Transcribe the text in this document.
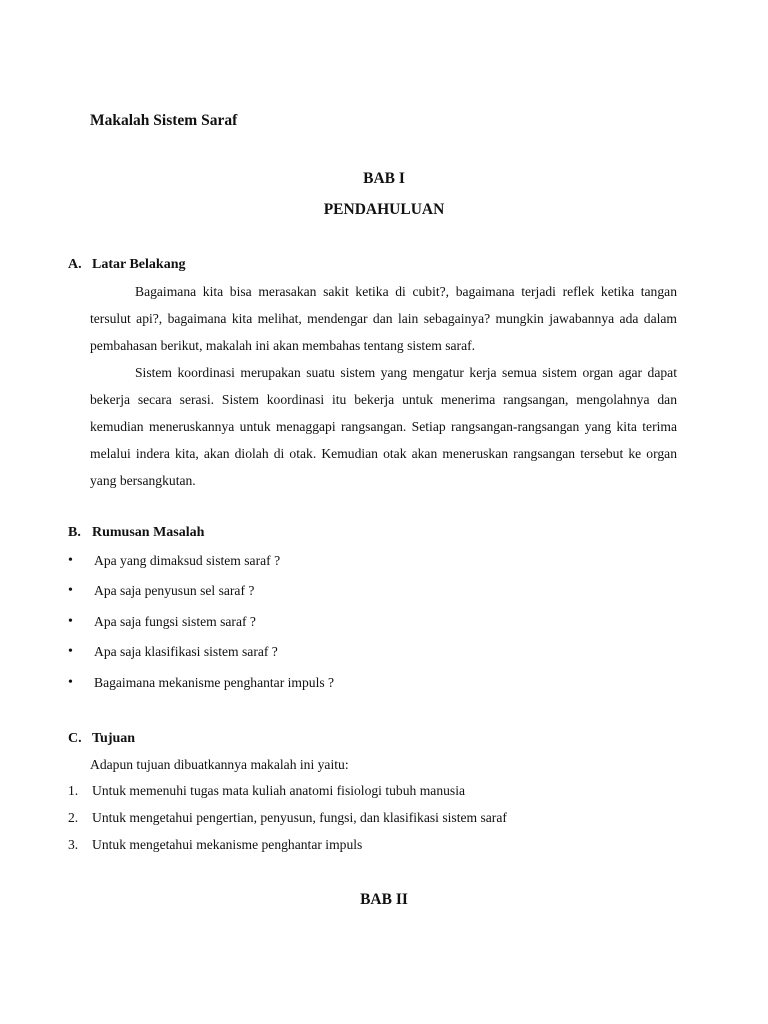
Makalah Sistem Saraf
BAB I
PENDAHULUAN
A. Latar Belakang

Bagaimana kita bisa merasakan sakit ketika di cubit?, bagaimana terjadi reflek ketika tangan tersulut api?, bagaimana kita melihat, mendengar dan lain sebagainya? mungkin jawabannya ada dalam pembahasan berikut, makalah ini akan membahas tentang sistem saraf.

Sistem koordinasi merupakan suatu sistem yang mengatur kerja semua sistem organ agar dapat bekerja secara serasi. Sistem koordinasi itu bekerja untuk menerima rangsangan, mengolahnya dan kemudian meneruskannya untuk menaggapi rangsangan. Setiap rangsangan-rangsangan yang kita terima melalui indera kita, akan diolah di otak. Kemudian otak akan meneruskan rangsangan tersebut ke organ yang bersangkutan.

B. Rumusan Masalah
•	Apa yang dimaksud sistem saraf ?
•	Apa saja penyusun sel saraf ?
•	Apa saja fungsi sistem saraf ?
•	Apa saja klasifikasi sistem saraf ?
•	Bagaimana mekanisme penghantar impuls ?
C. Tujuan

Adapun tujuan dibuatkannya makalah ini yaitu:

1.	Untuk memenuhi tugas mata kuliah anatomi fisiologi tubuh manusia
2.	Untuk mengetahui pengertian, penyusun, fungsi, dan klasifikasi sistem saraf
3.	Untuk mengetahui mekanisme penghantar impuls
BAB II
